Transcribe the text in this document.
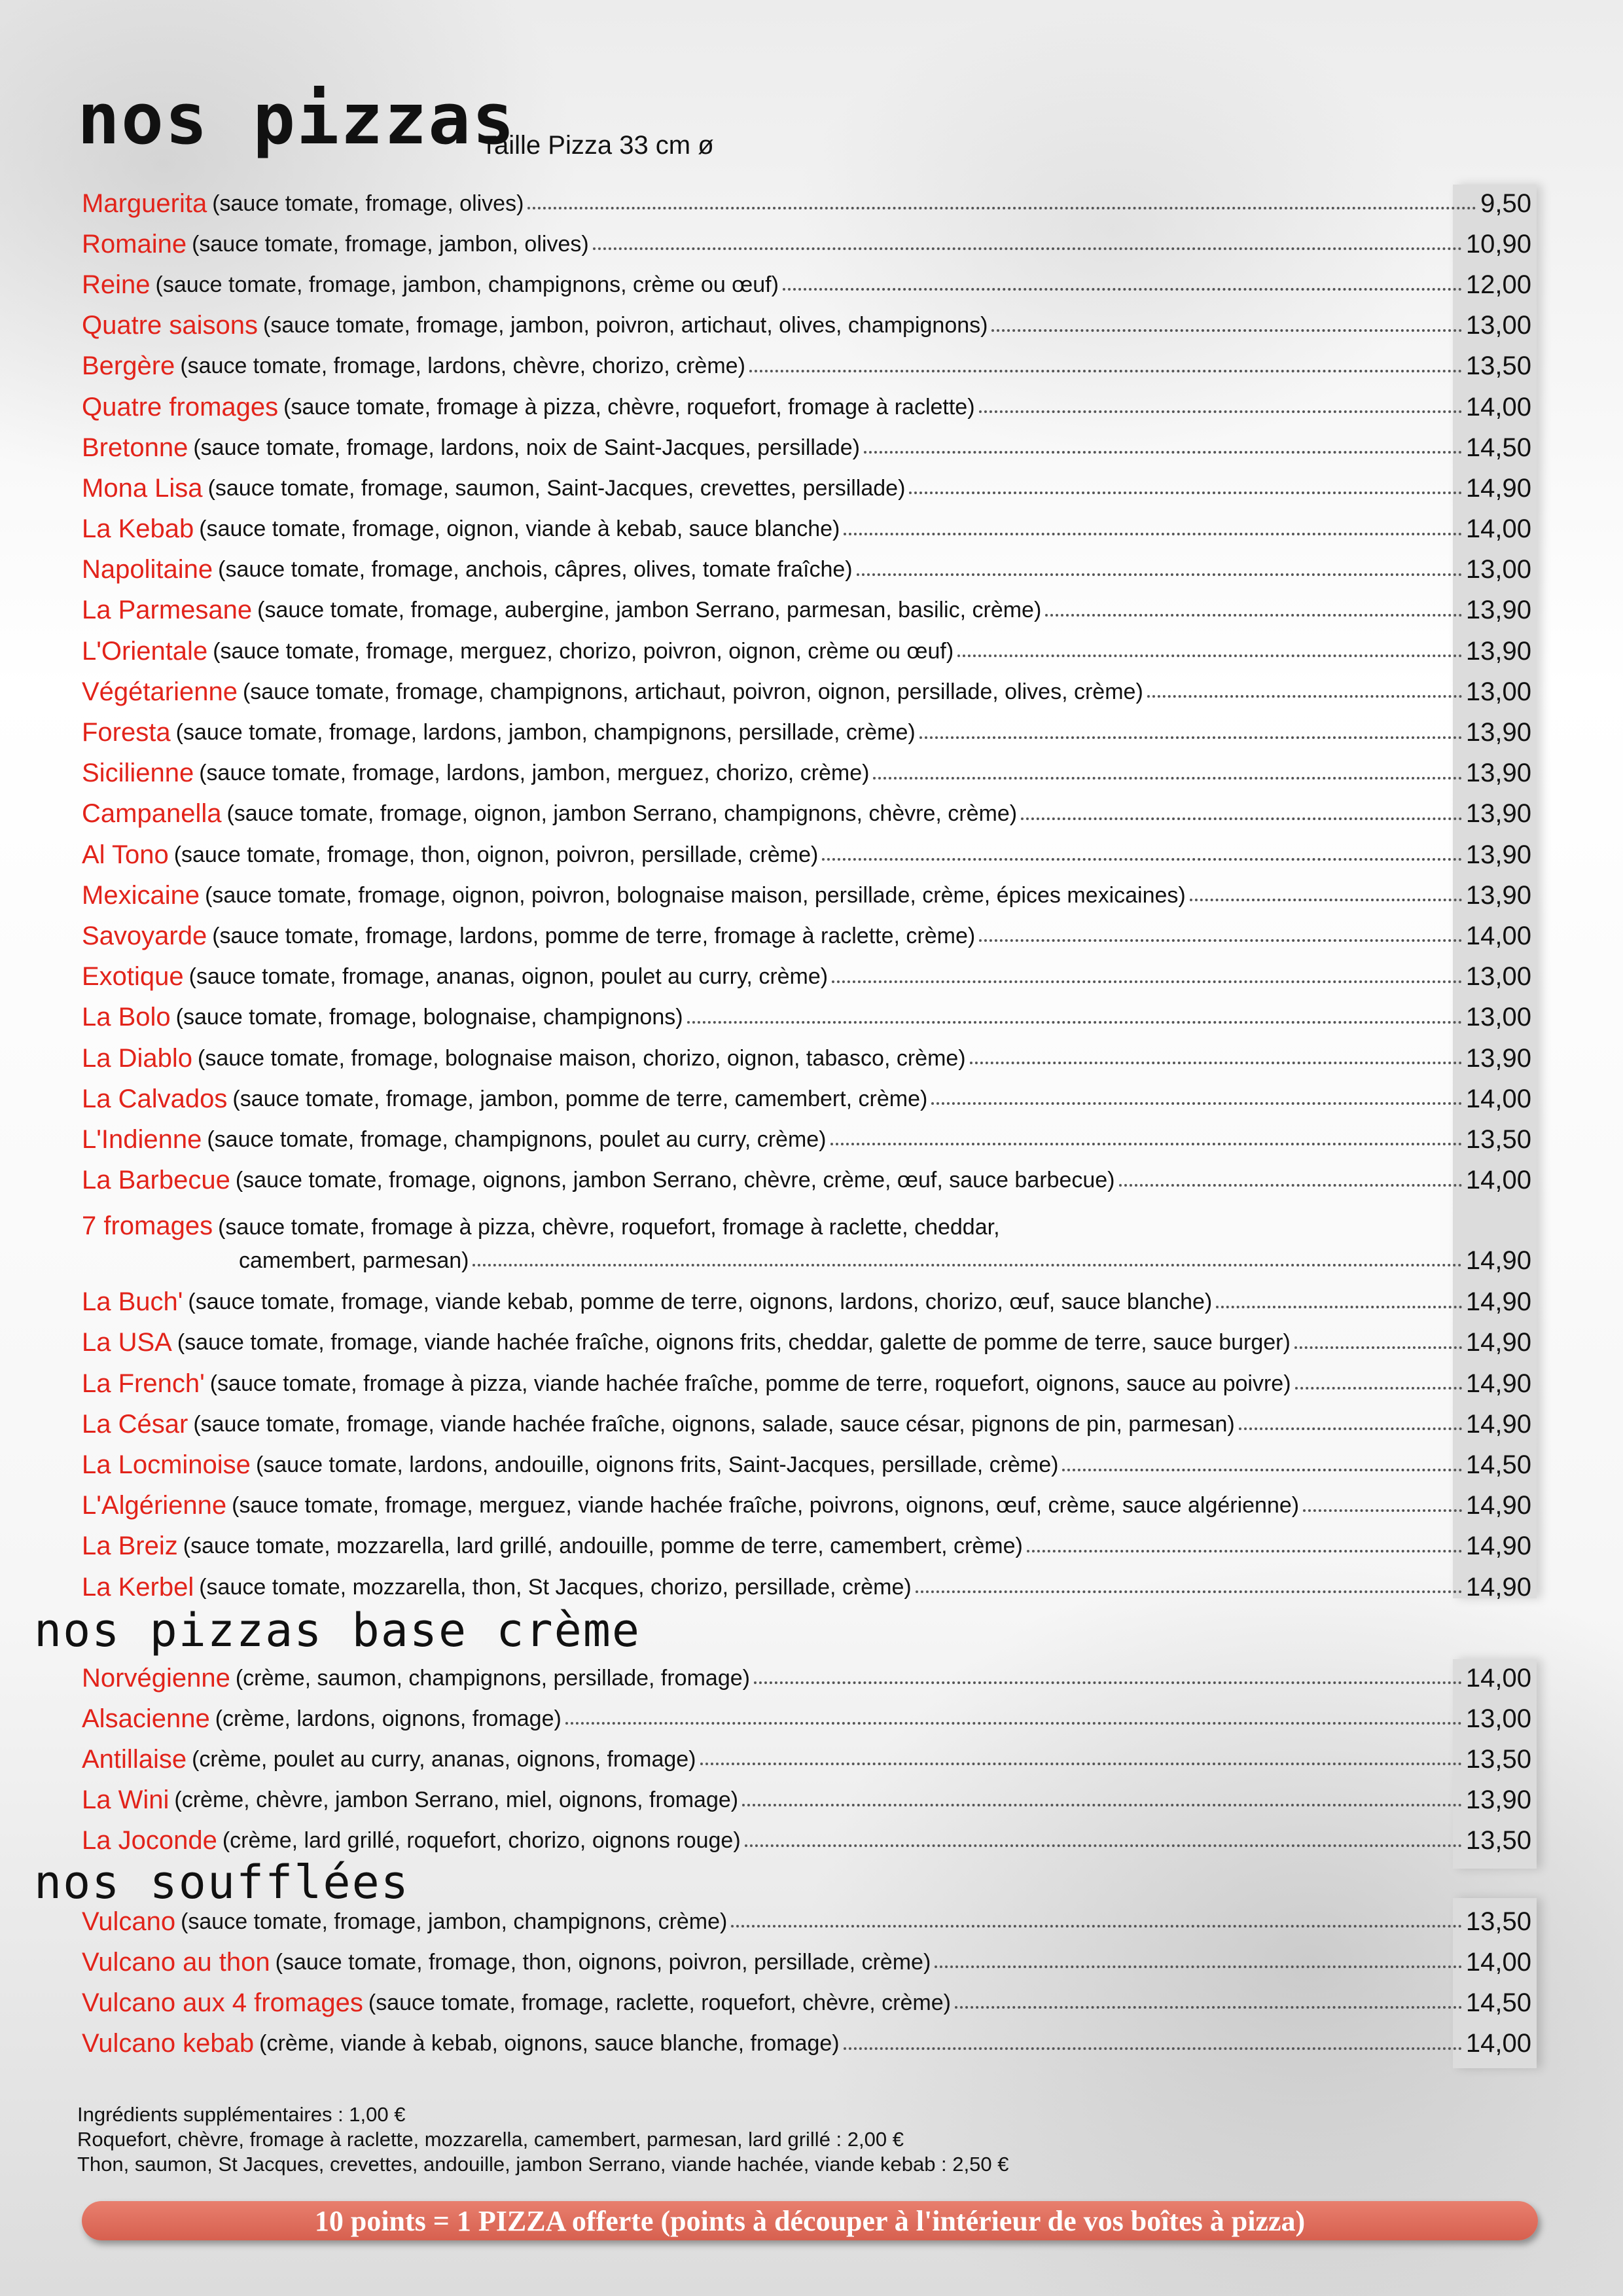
nos pizzas
Taille Pizza 33 cm ø
Marguerita (sauce tomate, fromage, olives)	9,50
Romaine (sauce tomate, fromage, jambon, olives)	10,90
Reine (sauce tomate, fromage, jambon, champignons, crème ou œuf)	12,00
Quatre saisons (sauce tomate, fromage, jambon, poivron, artichaut, olives, champignons)	13,00
Bergère (sauce tomate, fromage, lardons, chèvre, chorizo, crème)	13,50
Quatre fromages (sauce tomate, fromage à pizza, chèvre, roquefort, fromage à raclette)	14,00
Bretonne (sauce tomate, fromage, lardons, noix de Saint-Jacques, persillade)	14,50
Mona Lisa (sauce tomate, fromage, saumon, Saint-Jacques, crevettes, persillade)	14,90
La Kebab (sauce tomate, fromage, oignon, viande à kebab, sauce blanche)	14,00
Napolitaine (sauce tomate, fromage, anchois, câpres, olives, tomate fraîche)	13,00
La Parmesane (sauce tomate, fromage, aubergine, jambon Serrano, parmesan, basilic, crème)	13,90
L'Orientale (sauce tomate, fromage, merguez, chorizo, poivron, oignon, crème ou œuf)	13,90
Végétarienne (sauce tomate, fromage, champignons, artichaut, poivron, oignon, persillade, olives, crème)	13,00
Foresta (sauce tomate, fromage, lardons, jambon, champignons, persillade, crème)	13,90
Sicilienne (sauce tomate, fromage, lardons, jambon, merguez, chorizo, crème)	13,90
Campanella (sauce tomate, fromage, oignon, jambon Serrano, champignons, chèvre, crème)	13,90
Al Tono (sauce tomate, fromage, thon, oignon, poivron, persillade, crème)	13,90
Mexicaine (sauce tomate, fromage, oignon, poivron, bolognaise maison, persillade, crème, épices mexicaines)	13,90
Savoyarde (sauce tomate, fromage, lardons, pomme de terre, fromage à raclette, crème)	14,00
Exotique (sauce tomate, fromage, ananas, oignon, poulet au curry, crème)	13,00
La Bolo (sauce tomate, fromage, bolognaise, champignons)	13,00
La Diablo (sauce tomate, fromage, bolognaise maison, chorizo, oignon, tabasco, crème)	13,90
La Calvados (sauce tomate, fromage, jambon, pomme de terre, camembert, crème)	14,00
L'Indienne (sauce tomate, fromage, champignons, poulet au curry, crème)	13,50
La Barbecue (sauce tomate, fromage, oignons, jambon Serrano, chèvre, crème, œuf, sauce barbecue)	14,00
7 fromages (sauce tomate, fromage à pizza, chèvre, roquefort, fromage à raclette, cheddar,
camembert, parmesan)	14,90
La Buch' (sauce tomate, fromage, viande kebab, pomme de terre, oignons, lardons, chorizo, œuf, sauce blanche)	14,90
La USA (sauce tomate, fromage, viande hachée fraîche, oignons frits, cheddar, galette de pomme de terre, sauce burger)	14,90
La French' (sauce tomate, fromage à pizza, viande hachée fraîche, pomme de terre, roquefort, oignons, sauce au poivre)	14,90
La César (sauce tomate, fromage, viande hachée fraîche, oignons, salade, sauce césar, pignons de pin, parmesan)	14,90
La Locminoise (sauce tomate, lardons, andouille, oignons frits, Saint-Jacques, persillade, crème)	14,50
L'Algérienne (sauce tomate, fromage, merguez, viande hachée fraîche, poivrons, oignons, œuf, crème, sauce algérienne)	14,90
La Breiz (sauce tomate, mozzarella, lard grillé, andouille, pomme de terre, camembert, crème)	14,90
La Kerbel (sauce tomate, mozzarella, thon, St Jacques, chorizo, persillade, crème)	14,90
nos pizzas base crème
Norvégienne (crème, saumon, champignons, persillade, fromage)	14,00
Alsacienne (crème, lardons, oignons, fromage)	13,00
Antillaise (crème, poulet au curry, ananas, oignons, fromage)	13,50
La Wini (crème, chèvre, jambon Serrano, miel, oignons, fromage)	13,90
La Joconde (crème, lard grillé, roquefort, chorizo, oignons rouge)	13,50
nos soufflées
Vulcano (sauce tomate, fromage, jambon, champignons, crème)	13,50
Vulcano au thon (sauce tomate, fromage, thon, oignons, poivron, persillade, crème)	14,00
Vulcano aux 4 fromages (sauce tomate, fromage, raclette, roquefort, chèvre, crème)	14,50
Vulcano kebab (crème, viande à kebab, oignons, sauce blanche, fromage)	14,00
Ingrédients supplémentaires : 1,00 €
Roquefort, chèvre, fromage à raclette, mozzarella, camembert, parmesan, lard grillé : 2,00 €
Thon, saumon, St Jacques, crevettes, andouille, jambon Serrano, viande hachée, viande kebab : 2,50 €
10 points = 1 PIZZA offerte (points à découper à l'intérieur de vos boîtes à pizza)
